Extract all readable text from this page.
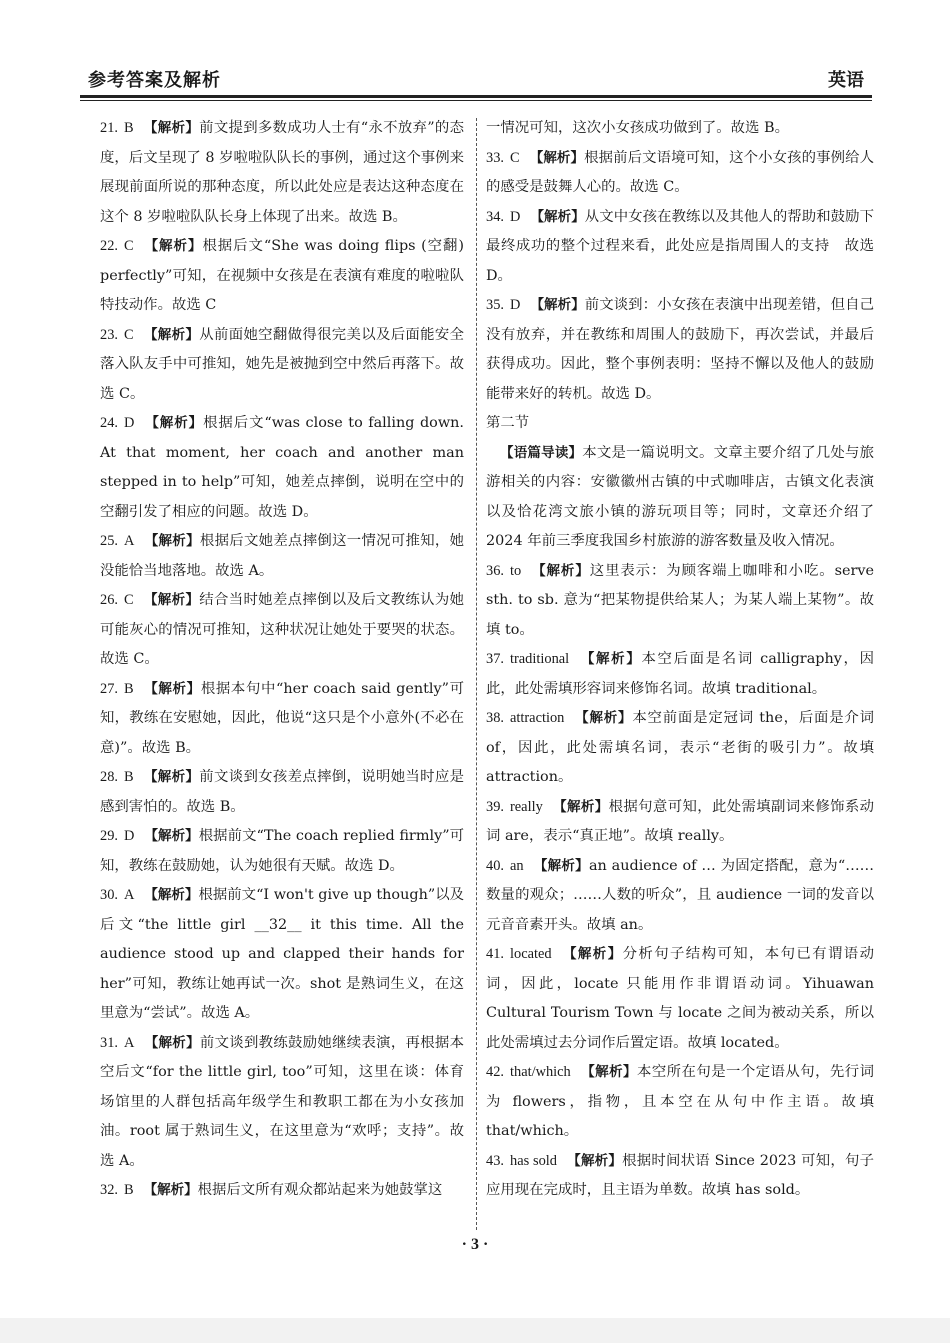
参考答案及解析	英语

21. B 【解析】前文提到多数成功人士有“永不放弃”的态度，后文呈现了 8 岁啦啦队队长的事例，通过这个事例来展现前面所说的那种态度，所以此处应是表达这种态度在这个 8 岁啦啦队队长身上体现了出来。故选 B。

22. C 【解析】根据后文“She was doing flips (空翻) perfectly”可知，在视频中女孩是在表演有难度的啦啦队特技动作。故选 C

23. C 【解析】从前面她空翻做得很完美以及后面能安全落入队友手中可推知，她先是被抛到空中然后再落下。故选 C。

24. D 【解析】根据后文“was close to falling down. At that moment, her coach and another man stepped in to help”可知，她差点摔倒，说明在空中的空翻引发了相应的问题。故选 D。

25. A 【解析】根据后文她差点摔倒这一情况可推知，她没能恰当地落地。故选 A。

26. C 【解析】结合当时她差点摔倒以及后文教练认为她可能灰心的情况可推知，这种状况让她处于要哭的状态。故选 C。

27. B 【解析】根据本句中“her coach said gently”可知，教练在安慰她，因此，他说“这只是个小意外(不必在意)”。故选 B。

28. B 【解析】前文谈到女孩差点摔倒，说明她当时应是感到害怕的。故选 B。

29. D 【解析】根据前文“The coach replied firmly”可知，教练在鼓励她，认为她很有天赋。故选 D。

30. A 【解析】根据前文“I won't give up though”以及后文“the little girl __32__ it this time. All the audience stood up and clapped their hands for her”可知，教练让她再试一次。shot 是熟词生义，在这里意为“尝试”。故选 A。

31. A 【解析】前文谈到教练鼓励她继续表演，再根据本空后文“for the little girl, too”可知，这里在谈：体育场馆里的人群包括高年级学生和教职工都在为小女孩加油。root 属于熟词生义，在这里意为“欢呼；支持”。故选 A。

32. B 【解析】根据后文所有观众都站起来为她鼓掌这

一情况可知，这次小女孩成功做到了。故选 B。

33. C 【解析】根据前后文语境可知，这个小女孩的事例给人的感受是鼓舞人心的。故选 C。

34. D 【解析】从文中女孩在教练以及其他人的帮助和鼓励下最终成功的整个过程来看，此处应是指周围人的支持　故选 D。

35. D 【解析】前文谈到：小女孩在表演中出现差错，但自己没有放弃，并在教练和周围人的鼓励下，再次尝试，并最后获得成功。因此，整个事例表明：坚持不懈以及他人的鼓励能带来好的转机。故选 D。

第二节

【语篇导读】本文是一篇说明文。文章主要介绍了几处与旅游相关的内容：安徽徽州古镇的中式咖啡店，古镇文化表演以及恰花湾文旅小镇的游玩项目等；同时，文章还介绍了 2024 年前三季度我国乡村旅游的游客数量及收入情况。

36. to 【解析】这里表示：为顾客端上咖啡和小吃。serve sth. to sb. 意为“把某物提供给某人；为某人端上某物”。故填 to。

37. traditional 【解析】本空后面是名词 calligraphy，因此，此处需填形容词来修饰名词。故填 traditional。

38. attraction 【解析】本空前面是定冠词 the，后面是介词 of，因此，此处需填名词，表示“老街的吸引力”。故填 attraction。

39. really 【解析】根据句意可知，此处需填副词来修饰系动词 are，表示“真正地”。故填 really。

40. an 【解析】an audience of … 为固定搭配，意为“……数量的观众；……人数的听众”，且 audience 一词的发音以元音音素开头。故填 an。

41. located 【解析】分析句子结构可知，本句已有谓语动词，因此，locate 只能用作非谓语动词。Yihuawan Cultural Tourism Town 与 locate 之间为被动关系，所以此处需填过去分词作后置定语。故填 located。

42. that/which 【解析】本空所在句是一个定语从句，先行词为 flowers，指物，且本空在从句中作主语。故填 that/which。

43. has sold 【解析】根据时间状语 Since 2023 可知，句子应用现在完成时，且主语为单数。故填 has sold。

· 3 ·
